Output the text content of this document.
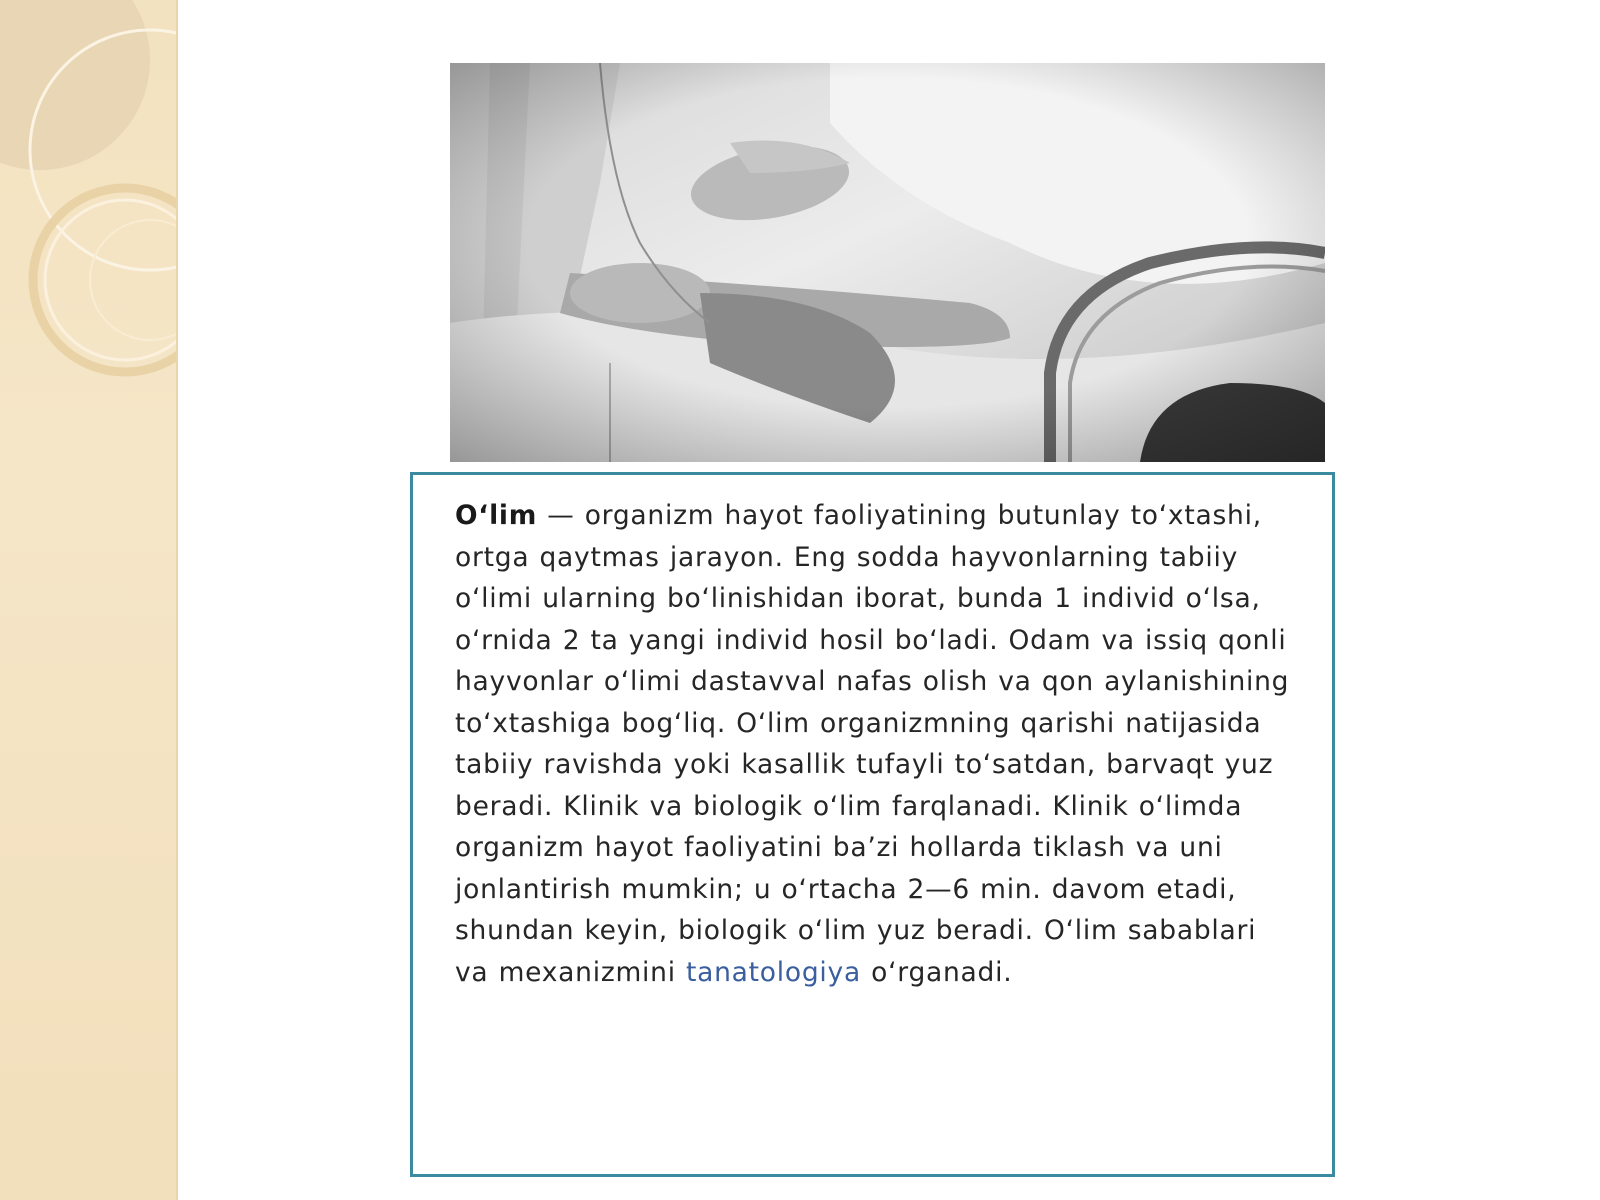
O‘lim — organizm hayot faoliyatining butunlay to‘xtashi, ortga qaytmas jarayon. Eng sodda hayvonlarning tabiiy o‘limi ularning bo‘linishidan iborat, bunda 1 individ o‘lsa, o‘rnida 2 ta yangi individ hosil bo‘ladi. Odam va issiq qonli hayvonlar o‘limi dastavval nafas olish va qon aylanishining to‘xtashiga bog‘liq. O‘lim organizmning qarishi natijasida tabiiy ravishda yoki kasallik tufayli to‘satdan, barvaqt yuz beradi. Klinik va biologik o‘lim farqlanadi. Klinik o‘limda organizm hayot faoliyatini ba’zi hollarda tiklash va uni jonlantirish mumkin; u o‘rtacha 2—6 min. davom etadi, shundan keyin, biologik o‘lim yuz beradi. O‘lim sabablari va mexanizmini tanatologiya o‘rganadi.
